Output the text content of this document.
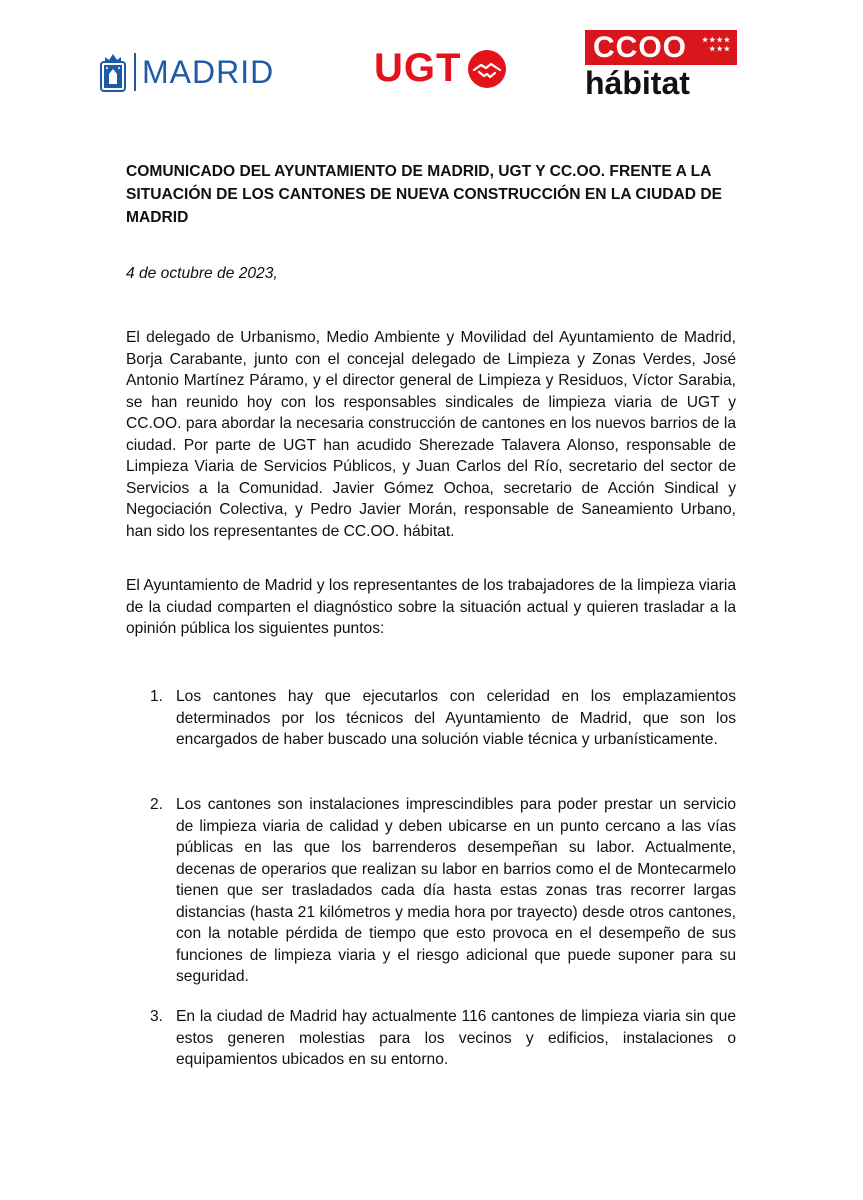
MADRID UGT	CCOO ★★★★
★★★
hábitat
COMUNICADO DEL AYUNTAMIENTO DE MADRID, UGT Y CC.OO. FRENTE A LA SITUACIÓN DE LOS CANTONES DE NUEVA CONSTRUCCIÓN EN LA CIUDAD DE MADRID
4 de octubre de 2023,
El delegado de Urbanismo, Medio Ambiente y Movilidad del Ayuntamiento de Madrid, Borja Carabante, junto con el concejal delegado de Limpieza y Zonas Verdes, José Antonio Martínez Páramo, y el director general de Limpieza y Residuos, Víctor Sarabia, se han reunido hoy con los responsables sindicales de limpieza viaria de UGT y CC.OO. para abordar la necesaria construcción de cantones en los nuevos barrios de la ciudad. Por parte de UGT han acudido Sherezade Talavera Alonso, responsable de Limpieza Viaria de Servicios Públicos, y Juan Carlos del Río, secretario del sector de Servicios a la Comunidad. Javier Gómez Ochoa, secretario de Acción Sindical y Negociación Colectiva, y Pedro Javier Morán, responsable de Saneamiento Urbano, han sido los representantes de CC.OO. hábitat.
El Ayuntamiento de Madrid y los representantes de los trabajadores de la limpieza viaria de la ciudad comparten el diagnóstico sobre la situación actual y quieren trasladar a la opinión pública los siguientes puntos:
1. Los cantones hay que ejecutarlos con celeridad en los emplazamientos determinados por los técnicos del Ayuntamiento de Madrid, que son los encargados de haber buscado una solución viable técnica y urbanísticamente.
2. Los cantones son instalaciones imprescindibles para poder prestar un servicio de limpieza viaria de calidad y deben ubicarse en un punto cercano a las vías públicas en las que los barrenderos desempeñan su labor. Actualmente, decenas de operarios que realizan su labor en barrios como el de Montecarmelo tienen que ser trasladados cada día hasta estas zonas tras recorrer largas distancias (hasta 21 kilómetros y media hora por trayecto) desde otros cantones, con la notable pérdida de tiempo que esto provoca en el desempeño de sus funciones de limpieza viaria y el riesgo adicional que puede suponer para su seguridad.
3. En la ciudad de Madrid hay actualmente 116 cantones de limpieza viaria sin que estos generen molestias para los vecinos y edificios, instalaciones o equipamientos ubicados en su entorno.
